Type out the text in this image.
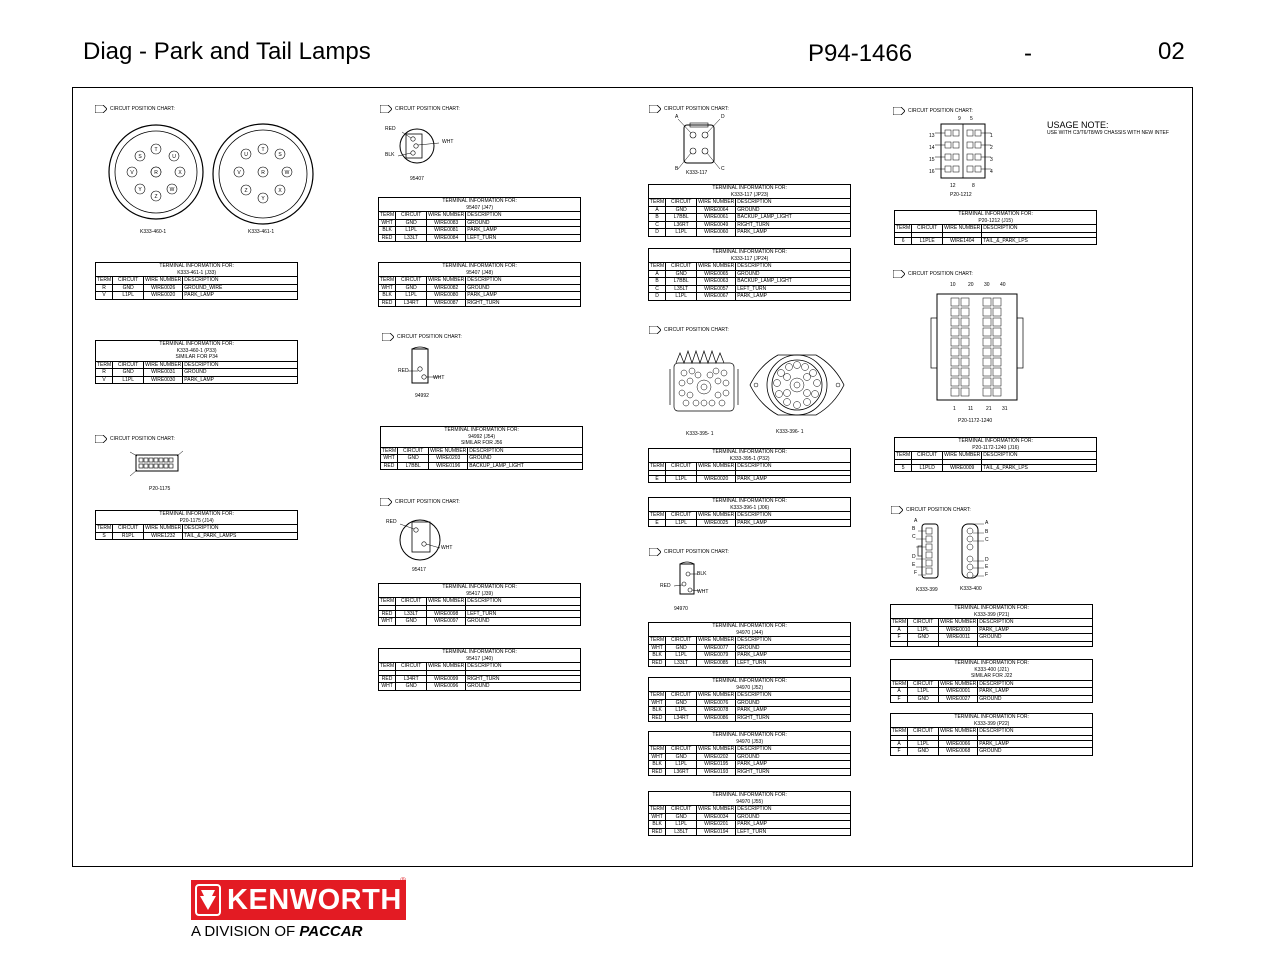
Diag - Park and Tail Lamps	P94-1466	-	02
CIRCUIT POSITION CHART:	CIRCUIT POSITION CHART:	CIRCUIT POSITION CHART:	CIRCUIT POSITION CHART:
CIRCUIT POSITION CHART:
CIRCUIT POSITION CHART:
CIRCUIT POSITION CHART:
CIRCUIT POSITION CHART:
CIRCUIT POSITION CHART:
CIRCUIT POSITION CHART:
CIRCUIT POSITION CHART:
USAGE NOTE:
USE WITH C3/T6/T8/W9 CHASSIS WITH NEW INTEF
T
U
S
R
V	X
Y
Z
W
K333-460-1
U
T
V	R
S
W
Z	X
Y
K333-461-1
P20-1175
RED
WHT
BLK
95407
RED
WHT
94992
RED
WHT
95417
A	D
B	C
K333-117
K333-395- 1	K333-396- 1
BLK
RED
WHT
94970
9 5
13
14
15
16
1
2
3
4
12	8
P20-1212
10 20 30 40
1 11	21 31
P20-1172-1240
A
B
C
D
E
F
A
B
C
D
E
F
K333-399	K333-400
TERMINAL INFORMATION FOR:
K333-461-1 (J33)			

TERM	CIRCUIT	WIRE NUMBER	DESCRIPTION
R	GND	WIRE0026	GROUND_WIRE
V	L1PL	WIRE0020	PARK_LAMP
TERMINAL INFORMATION FOR:
K333-460-1 (P33)
SIMILAR FOR P34			

TERM	CIRCUIT	WIRE NUMBER	DESCRIPTION
R	GND	WIRE0031	GROUND
V	L1PL	WIRE0030	PARK_LAMP
TERMINAL INFORMATION FOR:
P20-1175 (J14)			

TERM	CIRCUIT	WIRE NUMBER	DESCRIPTION
S	R1PL	WIRE1232	TAIL_&_PARK_LAMPS
TERMINAL INFORMATION FOR:
95407 (J47)			

TERM	CIRCUIT	WIRE NUMBER	DESCRIPTION
WHT	GND	WIRE0083	GROUND
BLK	L1PL	WIRE0081	PARK_LAMP
RED	L33LT	WIRE0084	LEFT_TURN
TERMINAL INFORMATION FOR:
95407 (J48)			

TERM	CIRCUIT	WIRE NUMBER	DESCRIPTION
WHT	GND	WIRE0082	GROUND
BLK	L1PL	WIRE0080	PARK_LAMP
RED	L34RT	WIRE0087	RIGHT_TURN
TERMINAL INFORMATION FOR:
94992 (J54)
SIMILAR FOR J56			

TERM	CIRCUIT	WIRE NUMBER	DESCRIPTION
WHT	GND	WIRE0203	GROUND
RED	L7BBL	WIRE0196	BACKUP_LAMP_LIGHT
TERMINAL INFORMATION FOR:
95417 (J39)			

TERM	CIRCUIT	WIRE NUMBER	DESCRIPTION

RED	L33LT	WIRE0098	LEFT_TURN
WHT	GND	WIRE0097	GROUND
TERMINAL INFORMATION FOR:
95417 (J40)			

TERM	CIRCUIT	WIRE NUMBER	DESCRIPTION

RED	L34RT	WIRE0099	RIGHT_TURN
WHT	GND	WIRE0096	GROUND
TERMINAL INFORMATION FOR:
K333-117 (JP23)			

TERM	CIRCUIT	WIRE NUMBER	DESCRIPTION
A	GND	WIRE0064	GROUND
B	L7BBL	WIRE0061	BACKUP_LAMP_LIGHT
C	L36RT	WIRE0049	RIGHT_TURN
D	L1PL	WIRE0060	PARK_LAMP
TERMINAL INFORMATION FOR:
K333-117 (JP24)			

TERM	CIRCUIT	WIRE NUMBER	DESCRIPTION
A	GND	WIRE0065	GROUND
B	L7BBL	WIRE0063	BACKUP_LAMP_LIGHT
C	L35LT	WIRE0057	LEFT_TURN
D	L1PL	WIRE0067	PARK_LAMP
TERMINAL INFORMATION FOR:
K333-395-1 (P32)			

TERM	CIRCUIT	WIRE NUMBER	DESCRIPTION

E	L1PL	WIRE0020	PARK_LAMP
TERMINAL INFORMATION FOR:
K333-396-1 (J06)			

TERM	CIRCUIT	WIRE NUMBER	DESCRIPTION
E	L1PL	WIRE0025	PARK_LAMP
TERMINAL INFORMATION FOR:
94970 (J44)			

TERM	CIRCUIT	WIRE NUMBER	DESCRIPTION
WHT	GND	WIRE0077	GROUND
BLK	L1PL	WIRE0079	PARK_LAMP
RED	L33LT	WIRE0085	LEFT_TURN
TERMINAL INFORMATION FOR:
94970 (J52)			

TERM	CIRCUIT	WIRE NUMBER	DESCRIPTION
WHT	GND	WIRE0076	GROUND
BLK	L1PL	WIRE0078	PARK_LAMP
RED	L34RT	WIRE0086	RIGHT_TURN
TERMINAL INFORMATION FOR:
94970 (J53)			

TERM	CIRCUIT	WIRE NUMBER	DESCRIPTION
WHT	GND	WIRE0202	GROUND
BLK	L1PL	WIRE0195	PARK_LAMP
RED	L36RT	WIRE0193	RIGHT_TURN
TERMINAL INFORMATION FOR:
94970 (J55)			

TERM	CIRCUIT	WIRE NUMBER	DESCRIPTION
WHT	GND	WIRE0034	GROUND
BLK	L1PL	WIRE0201	PARK_LAMP
RED	L35LT	WIRE0194	LEFT_TURN
TERMINAL INFORMATION FOR:
P20-1212 (J15)			

TERM	CIRCUIT	WIRE NUMBER	DESCRIPTION

6	L1PLE	WIRE1404	TAIL_&_PARK_LPS
TERMINAL INFORMATION FOR:
P20-1172-1240 (J16)			

TERM	CIRCUIT	WIRE NUMBER	DESCRIPTION

5	L1PLD	WIRE0009	TAIL_&_PARK_LPS
TERMINAL INFORMATION FOR:
K333-399 (P21)			

TERM	CIRCUIT	WIRE NUMBER	DESCRIPTION
A	L1PL	WIRE0010	PARK_LAMP
F	GND	WIRE0011	GROUND

TERMINAL INFORMATION FOR:
K333-400 (J21)
SIMILAR FOR J22			

TERM	CIRCUIT	WIRE NUMBER	DESCRIPTION
A	L1PL	WIRE0001	PARK_LAMP
F	GND	WIRE0027	GROUND
TERMINAL INFORMATION FOR:
K333-399 (P22)			

TERM	CIRCUIT	WIRE NUMBER	DESCRIPTION

A	L1PL	WIRE0066	PARK_LAMP
F	GND	WIRE0068	GROUND
KENWORTH
®
A DIVISION OF PACCAR
